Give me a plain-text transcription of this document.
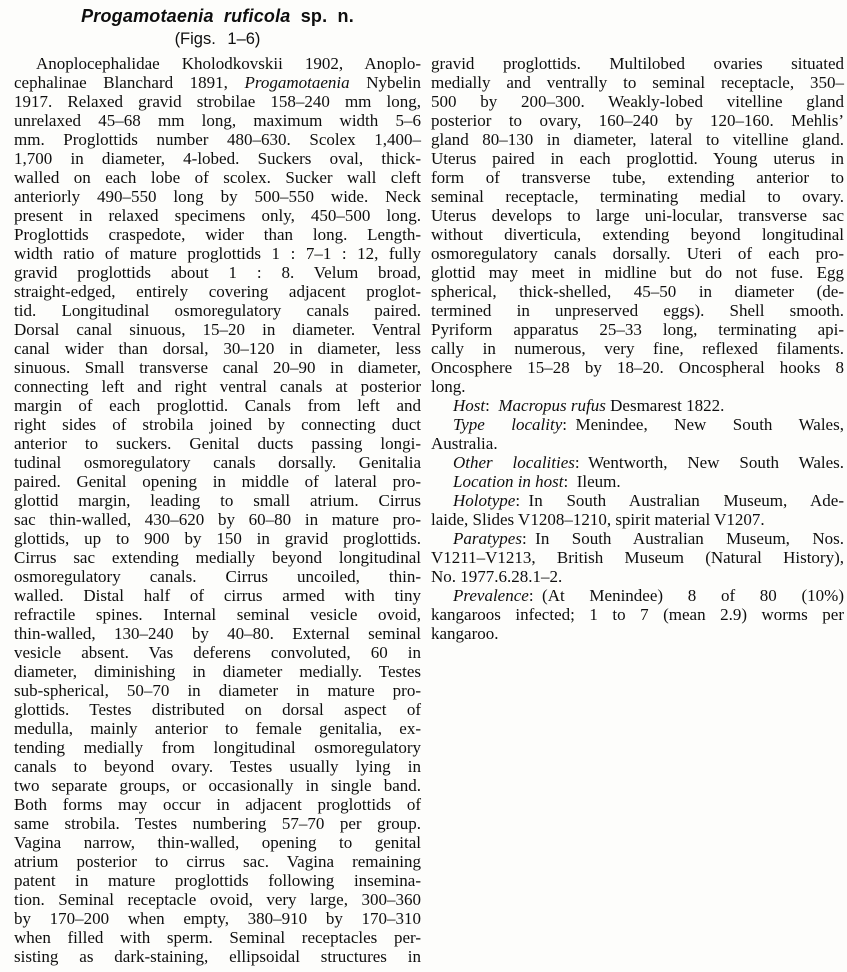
Progamotaenia ruficola sp. n.
(Figs. 1–6)
Anoplocephalidae Kholodkovskii 1902, Anoplo-
cephalinae Blanchard 1891, Progamotaenia Nybelin
1917. Relaxed gravid strobilae 158–240 mm long,
unrelaxed 45–68 mm long, maximum width 5–6
mm. Proglottids number 480–630. Scolex 1,400–
1,700 in diameter, 4-lobed. Suckers oval, thick-
walled on each lobe of scolex. Sucker wall cleft
anteriorly 490–550 long by 500–550 wide. Neck
present in relaxed specimens only, 450–500 long.
Proglottids craspedote, wider than long. Length-
width ratio of mature proglottids 1 : 7–1 : 12, fully
gravid proglottids about 1 : 8. Velum broad,
straight-edged, entirely covering adjacent proglot-
tid. Longitudinal osmoregulatory canals paired.
Dorsal canal sinuous, 15–20 in diameter. Ventral
canal wider than dorsal, 30–120 in diameter, less
sinuous. Small transverse canal 20–90 in diameter,
connecting left and right ventral canals at posterior
margin of each proglottid. Canals from left and
right sides of strobila joined by connecting duct
anterior to suckers. Genital ducts passing longi-
tudinal osmoregulatory canals dorsally. Genitalia
paired. Genital opening in middle of lateral pro-
glottid margin, leading to small atrium. Cirrus
sac thin-walled, 430–620 by 60–80 in mature pro-
glottids, up to 900 by 150 in gravid proglottids.
Cirrus sac extending medially beyond longitudinal
osmoregulatory canals. Cirrus uncoiled, thin-
walled. Distal half of cirrus armed with tiny
refractile spines. Internal seminal vesicle ovoid,
thin-walled, 130–240 by 40–80. External seminal
vesicle absent. Vas deferens convoluted, 60 in
diameter, diminishing in diameter medially. Testes
sub-spherical, 50–70 in diameter in mature pro-
glottids. Testes distributed on dorsal aspect of
medulla, mainly anterior to female genitalia, ex-
tending medially from longitudinal osmoregulatory
canals to beyond ovary. Testes usually lying in
two separate groups, or occasionally in single band.
Both forms may occur in adjacent proglottids of
same strobila. Testes numbering 57–70 per group.
Vagina narrow, thin-walled, opening to genital
atrium posterior to cirrus sac. Vagina remaining
patent in mature proglottids following insemina-
tion. Seminal receptacle ovoid, very large, 300–360
by 170–200 when empty, 380–910 by 170–310
when filled with sperm. Seminal receptacles per-
sisting as dark-staining, ellipsoidal structures in
gravid proglottids. Multilobed ovaries situated
medially and ventrally to seminal receptacle, 350–
500 by 200–300. Weakly-lobed vitelline gland
posterior to ovary, 160–240 by 120–160. Mehlis’
gland 80–130 in diameter, lateral to vitelline gland.
Uterus paired in each proglottid. Young uterus in
form of transverse tube, extending anterior to
seminal receptacle, terminating medial to ovary.
Uterus develops to large uni-locular, transverse sac
without diverticula, extending beyond longitudinal
osmoregulatory canals dorsally. Uteri of each pro-
glottid may meet in midline but do not fuse. Egg
spherical, thick-shelled, 45–50 in diameter (de-
termined in unpreserved eggs). Shell smooth.
Pyriform apparatus 25–33 long, terminating api-
cally in numerous, very fine, reflexed filaments.
Oncosphere 15–28 by 18–20. Oncospheral hooks 8
long.
Host: Macropus rufus Desmarest 1822.
Type locality: Menindee, New South Wales,
Australia.
Other localities: Wentworth, New South Wales.
Location in host: Ileum.
Holotype: In South Australian Museum, Ade-
laide, Slides V1208–1210, spirit material V1207.
Paratypes: In South Australian Museum, Nos.
V1211–V1213, British Museum (Natural History),
No. 1977.6.28.1–2.
Prevalence: (At Menindee) 8 of 80 (10%)
kangaroos infected; 1 to 7 (mean 2.9) worms per
kangaroo.
